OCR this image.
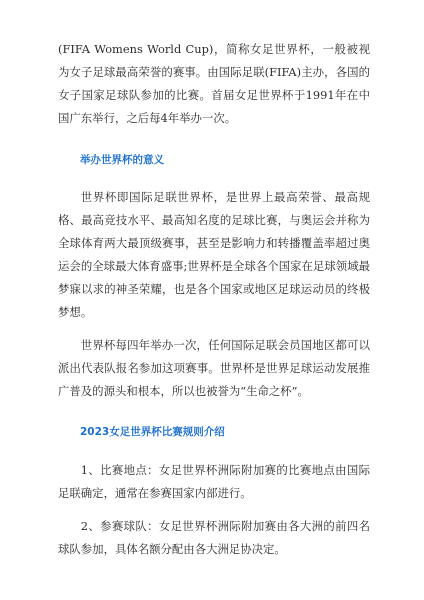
(FIFA Womens World Cup)，简称女足世界杯，一般被视为女子足球最高荣誉的赛事。由国际足联(FIFA)主办，各国的女子国家足球队参加的比赛。首届女足世界杯于1991年在中国广东举行，之后每4年举办一次。

举办世界杯的意义

世界杯即国际足联世界杯，是世界上最高荣誉、最高规格、最高竞技水平、最高知名度的足球比赛，与奥运会并称为全球体育两大最顶级赛事，甚至是影响力和转播覆盖率超过奥运会的全球最大体育盛事;世界杯是全球各个国家在足球领域最梦寐以求的神圣荣耀，也是各个国家或地区足球运动员的终极梦想。

世界杯每四年举办一次，任何国际足联会员国地区都可以派出代表队报名参加这项赛事。世界杯是世界足球运动发展推广普及的源头和根本，所以也被誉为“生命之杯”。

2023女足世界杯比赛规则介绍

1、比赛地点：女足世界杯洲际附加赛的比赛地点由国际足联确定，通常在参赛国家内部进行。

2、参赛球队：女足世界杯洲际附加赛由各大洲的前四名球队参加，具体名额分配由各大洲足协决定。
